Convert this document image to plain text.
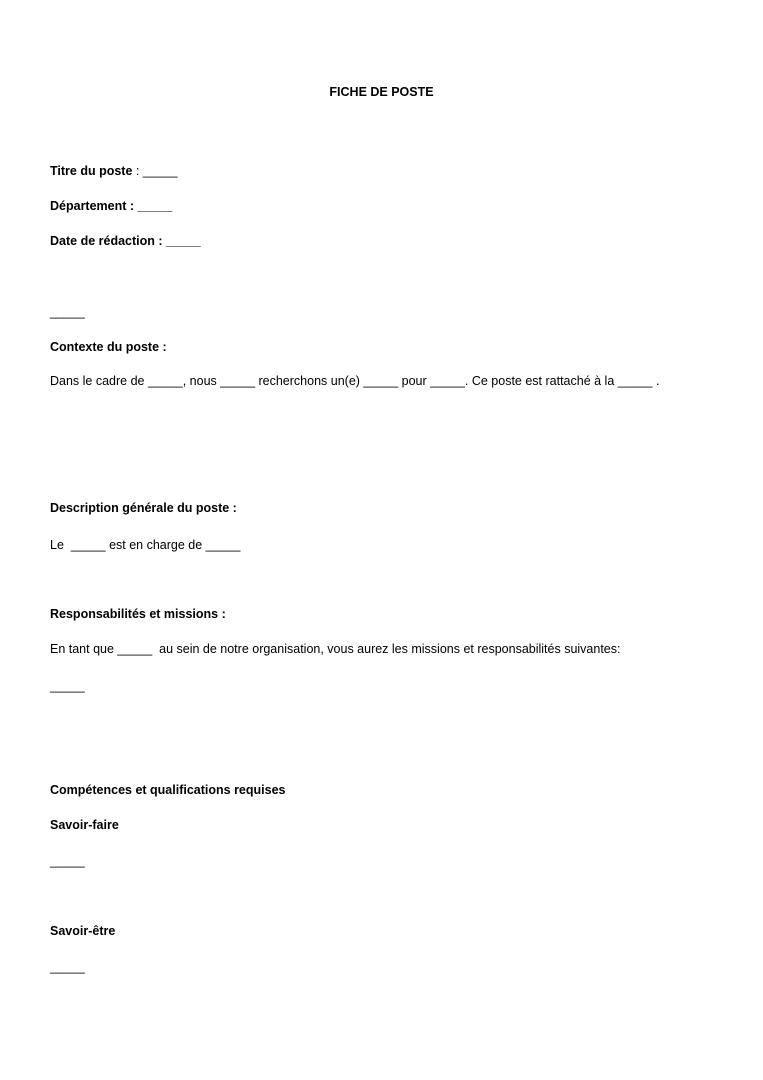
FICHE DE POSTE
Titre du poste : _____
Département : _____
Date de rédaction : _____
_____
Contexte du poste :
Dans le cadre de _____, nous _____ recherchons un(e) _____ pour _____. Ce poste est rattaché à la _____ .
Description générale du poste :
Le  _____ est en charge de _____
Responsabilités et missions :
En tant que _____  au sein de notre organisation, vous aurez les missions et responsabilités suivantes:
_____
Compétences et qualifications requises
Savoir-faire
_____
Savoir-être
_____
